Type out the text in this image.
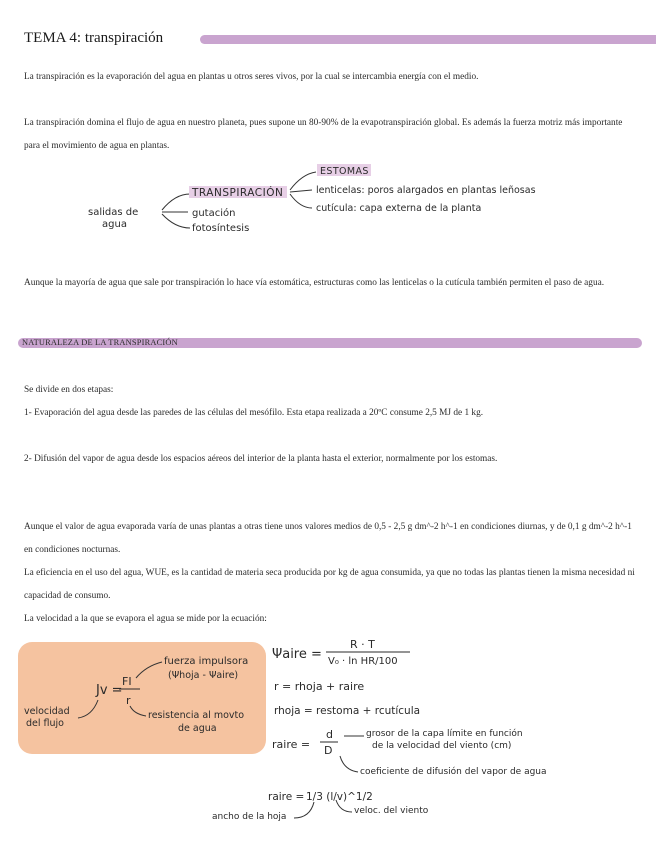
TEMA 4: transpiración
La transpiración es la evaporación del agua en plantas u otros seres vivos, por la cual se intercambia energía con el medio.
La transpiración domina el flujo de agua en nuestro planeta, pues supone un 80-90% de la evapotranspiración global. Es además la fuerza motriz más importante para el movimiento de agua en plantas.
salidas de
agua
TRANSPIRACIÓN
gutación
fotosíntesis
ESTOMAS
lenticelas: poros alargados en plantas leñosas
cutícula: capa externa de la planta
Aunque la mayoría de agua que sale por transpiración lo hace vía estomática, estructuras como las lenticelas o la cutícula también permiten el paso de agua.
NATURALEZA DE LA TRANSPIRACIÓN
Se divide en dos etapas:
1- Evaporación del agua desde las paredes de las células del mesófilo. Esta etapa realizada a 20ºC consume 2,5 MJ de 1 kg.
2- Difusión del vapor de agua desde los espacios aéreos del interior de la planta hasta el exterior, normalmente por los estomas.
Aunque el valor de agua evaporada varía de unas plantas a otras tiene unos valores medios de 0,5 - 2,5 g dm^-2 h^-1 en condiciones diurnas, y de 0,1 g dm^-2 h^-1 en condiciones nocturnas.
La eficiencia en el uso del agua, WUE, es la cantidad de materia seca producida por kg de agua consumida, ya que no todas las plantas tienen la misma necesidad ni capacidad de consumo.
La velocidad a la que se evapora el agua se mide por la ecuación:
Jv =
FI
r
fuerza impulsora
(Ψhoja - Ψaire)
velocidad
del flujo
resistencia al movto
de agua
Ψaire =
R · T
V₀ · ln HR/100
r = rhoja + raire
rhoja = restoma + rcutícula
raire =
d
D
grosor de la capa límite en función
de la velocidad del viento (cm)
coeficiente de difusión del vapor de agua
raire = 1/3 (l/v)^1/2
ancho de la hoja
veloc. del viento
